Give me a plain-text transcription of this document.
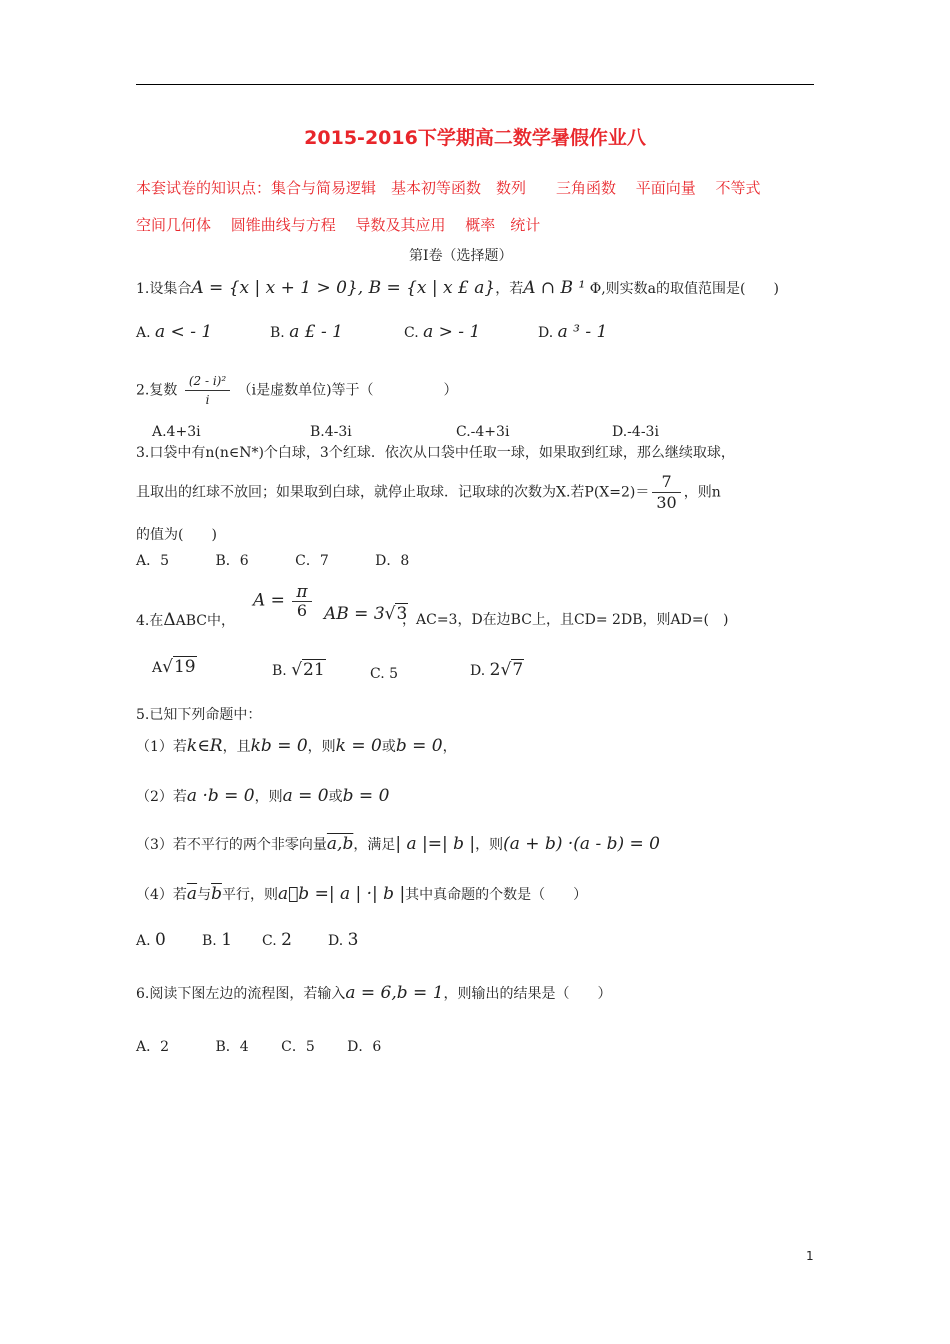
2015-2016下学期高二数学暑假作业八
本套试卷的知识点：集合与简易逻辑　基本初等函数　数列　　三角函数　 平面向量　 不等式
空间几何体　 圆锥曲线与方程　 导数及其应用　 概率　统计
第Ⅰ卷（选择题）
1.设集合A = {x | x + 1 > 0}, B = {x | x £ a}，若A ∩ B ¹ Φ,则实数a的取值范围是(　　)
A. a < - 1	B. a £ - 1	C. a > - 1	D. a ³ - 1
2.复数 $\frac{\text{(2 - i)²}}{i} (i$是虚数单位)等于（　　　　　）
A.4+3i	B.4-3i	C.-4+3i	D.-4-3i
3.口袋中有n(n∈N*)个白球，3个红球．依次从口袋中任取一球，如果取到红球，那么继续取球，
且取出的红球不放回；如果取到白球，就停止取球．记取球的次数为X.若$P(X=2)= \frac{7}{30}$ ，则n
的值为(　　)
A．5　　　 B．6　　　 C．7　　　 D．8
4.在ΔABC中，
$A = \frac{\pi}{6}$ AB = 3√3
，AC=3，D在边BC上，且CD= 2DB，则AD=(　)
A√19	B. √21	C. 5	D. 2√7
5.已知下列命题中：
（1）若k∈R，且kb = 0，则k = 0或b = 0，
（2）若a ·b = 0，则a = 0或b = 0
（3）若不平行的两个非零向量a,b，满足| a |=| b |，则(a + b) ·(a - b) = 0
（4）若$\overline{a}$与$\overline{b}$平行，则a􏰀b =| a | ·| b |其中真命题的个数是（　　）
A. 0	B. 1 C. 2	D. 3
6.阅读下图左边的流程图，若输入a = 6,b = 1，则输出的结果是（　　）
A．2　　　 B．4　　 C．5　　 D．6
1
